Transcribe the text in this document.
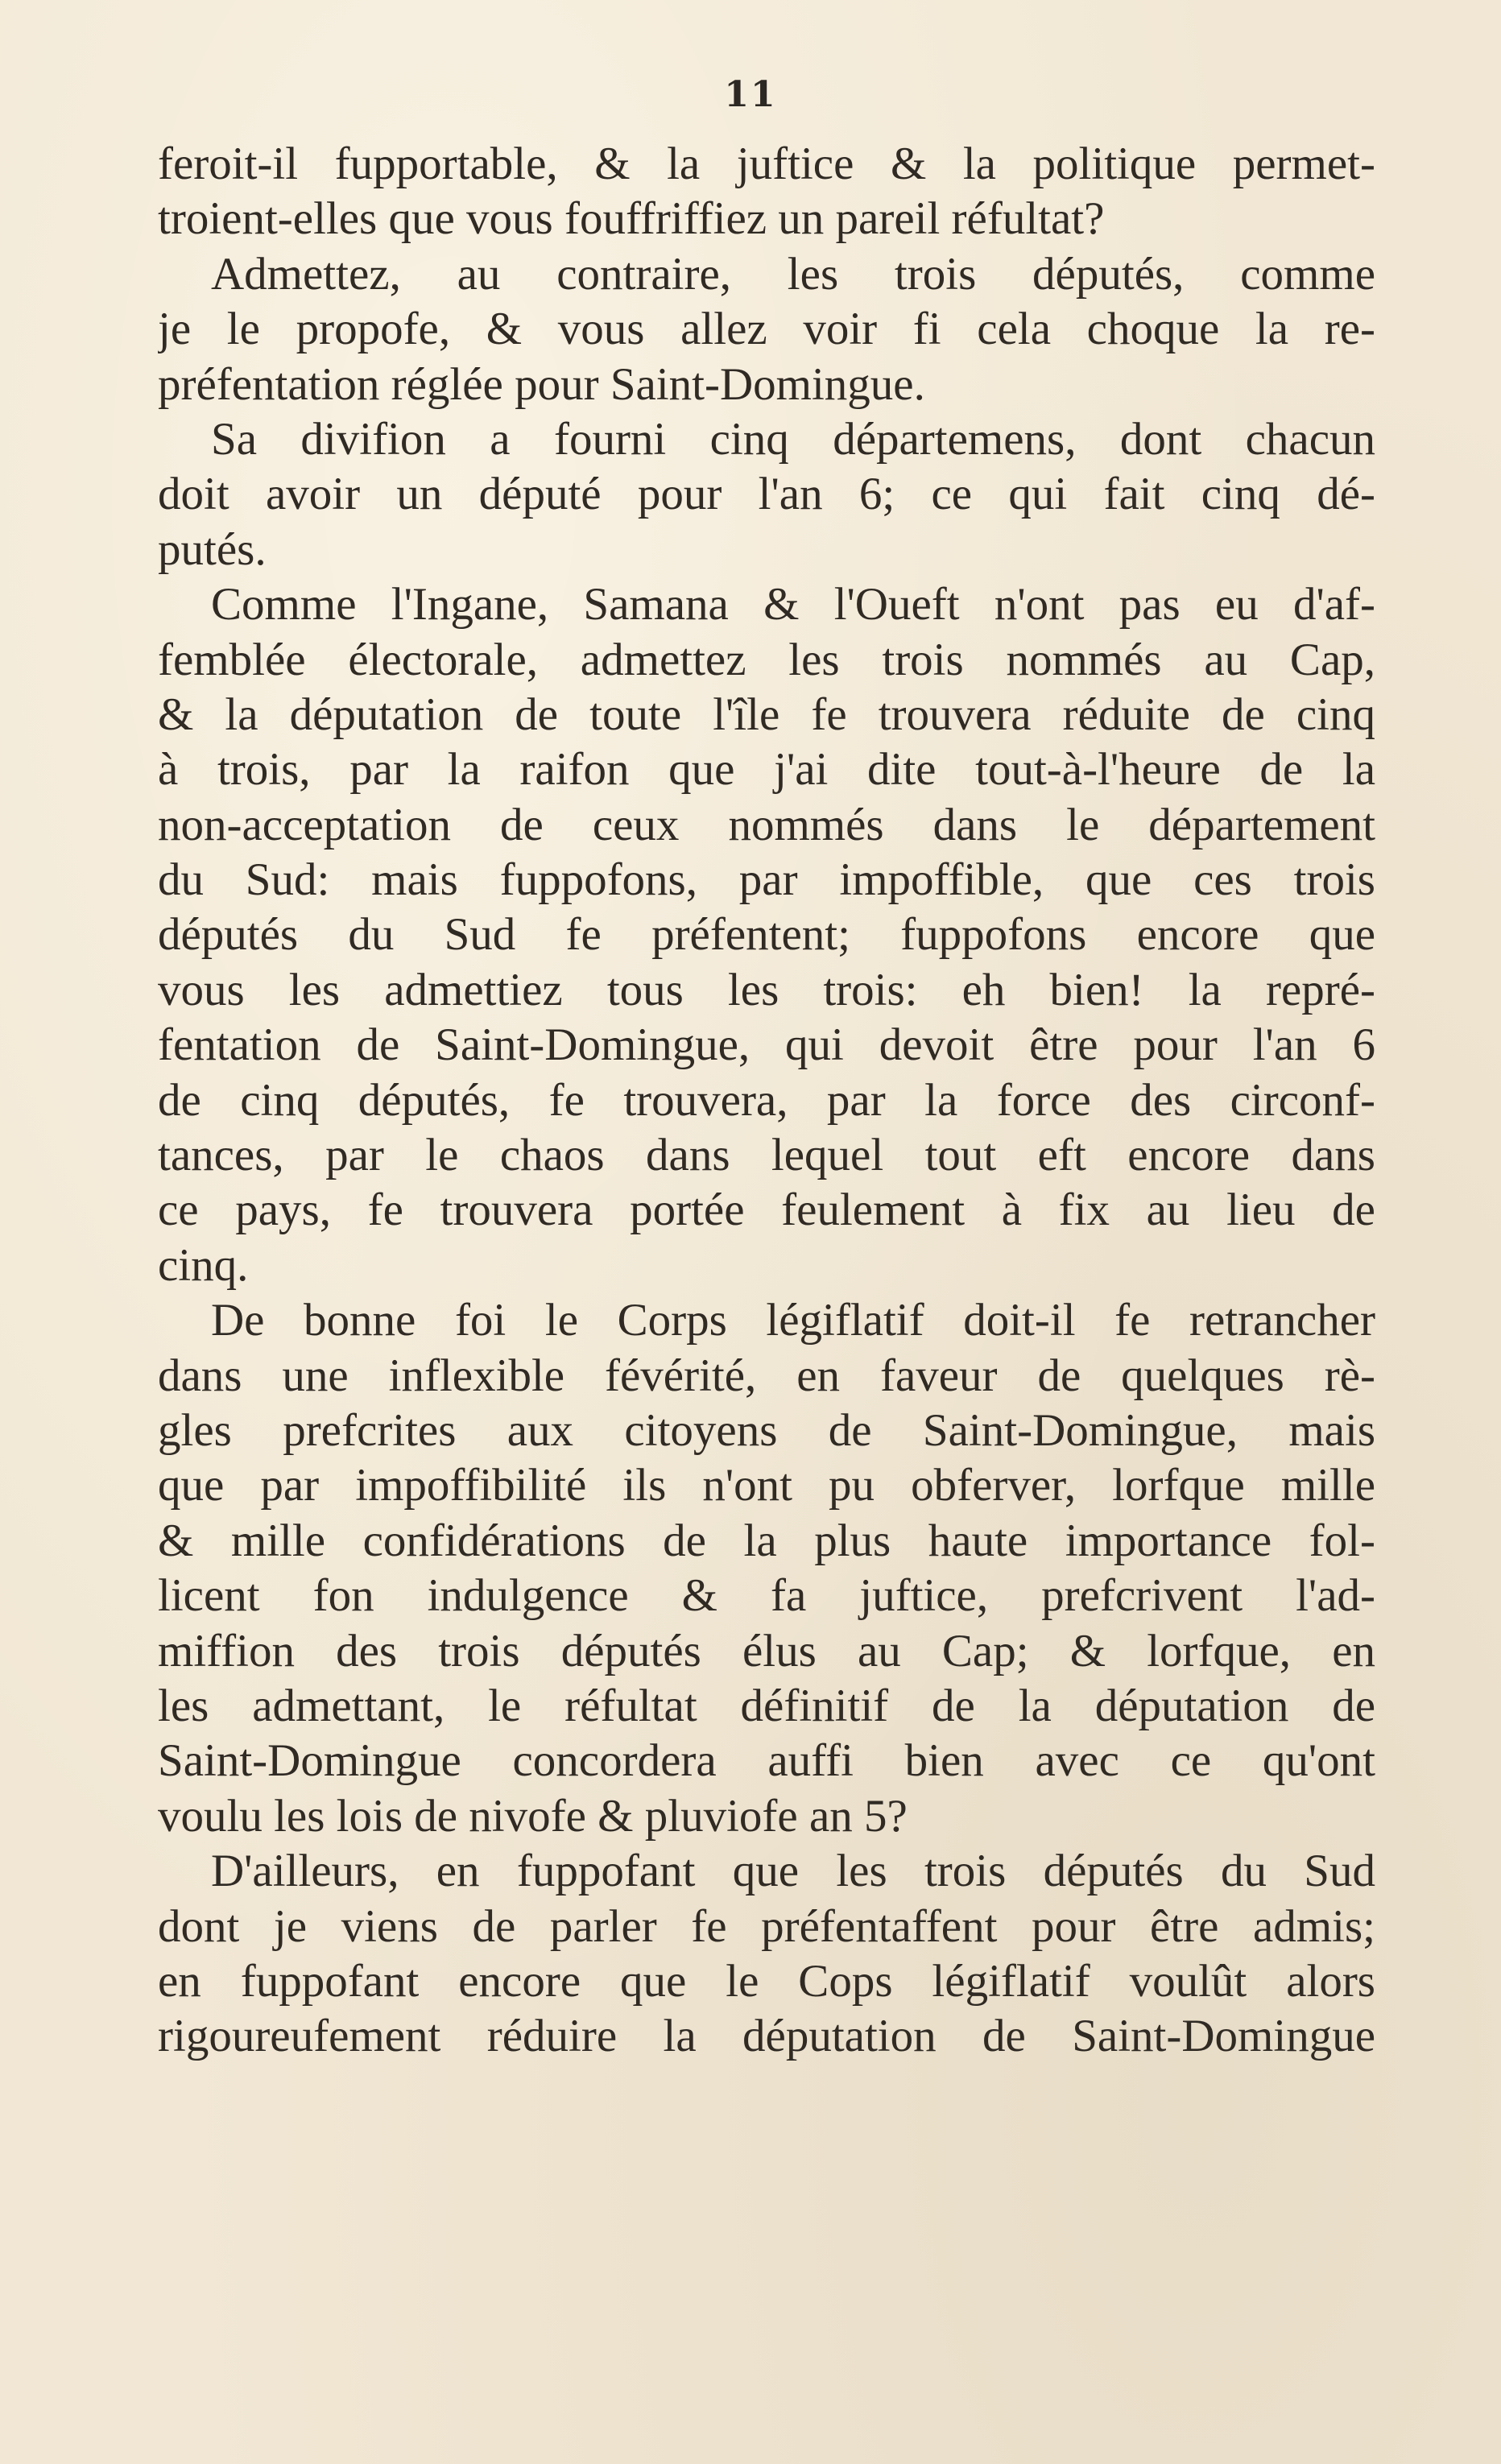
11
feroit-il fupportable, & la juftice & la politique permet-
troient-elles que vous fouffriffiez un pareil réfultat?
Admettez, au contraire, les trois députés, comme
je le propofe, & vous allez voir fi cela choque la re-
préfentation réglée pour Saint-Domingue.
Sa divifion a fourni cinq départemens, dont chacun
doit avoir un député pour l'an 6; ce qui fait cinq dé-
putés.
Comme l'Ingane, Samana & l'Oueft n'ont pas eu d'af-
femblée électorale, admettez les trois nommés au Cap,
& la députation de toute l'île fe trouvera réduite de cinq
à trois, par la raifon que j'ai dite tout-à-l'heure de la
non-acceptation de ceux nommés dans le département
du Sud: mais fuppofons, par impoffible, que ces trois
députés du Sud fe préfentent; fuppofons encore que
vous les admettiez tous les trois: eh bien! la repré-
fentation de Saint-Domingue, qui devoit être pour l'an 6
de cinq députés, fe trouvera, par la force des circonf-
tances, par le chaos dans lequel tout eft encore dans
ce pays, fe trouvera portée feulement à fix au lieu de
cinq.
De bonne foi le Corps légiflatif doit-il fe retrancher
dans une inflexible févérité, en faveur de quelques rè-
gles prefcrites aux citoyens de Saint-Domingue, mais
que par impoffibilité ils n'ont pu obferver, lorfque mille
& mille confidérations de la plus haute importance fol-
licent fon indulgence & fa juftice, prefcrivent l'ad-
miffion des trois députés élus au Cap; & lorfque, en
les admettant, le réfultat définitif de la députation de
Saint-Domingue concordera auffi bien avec ce qu'ont
voulu les lois de nivofe & pluviofe an 5?
D'ailleurs, en fuppofant que les trois députés du Sud
dont je viens de parler fe préfentaffent pour être admis;
en fuppofant encore que le Cops légiflatif voulût alors
rigoureufement réduire la députation de Saint-Domingue
